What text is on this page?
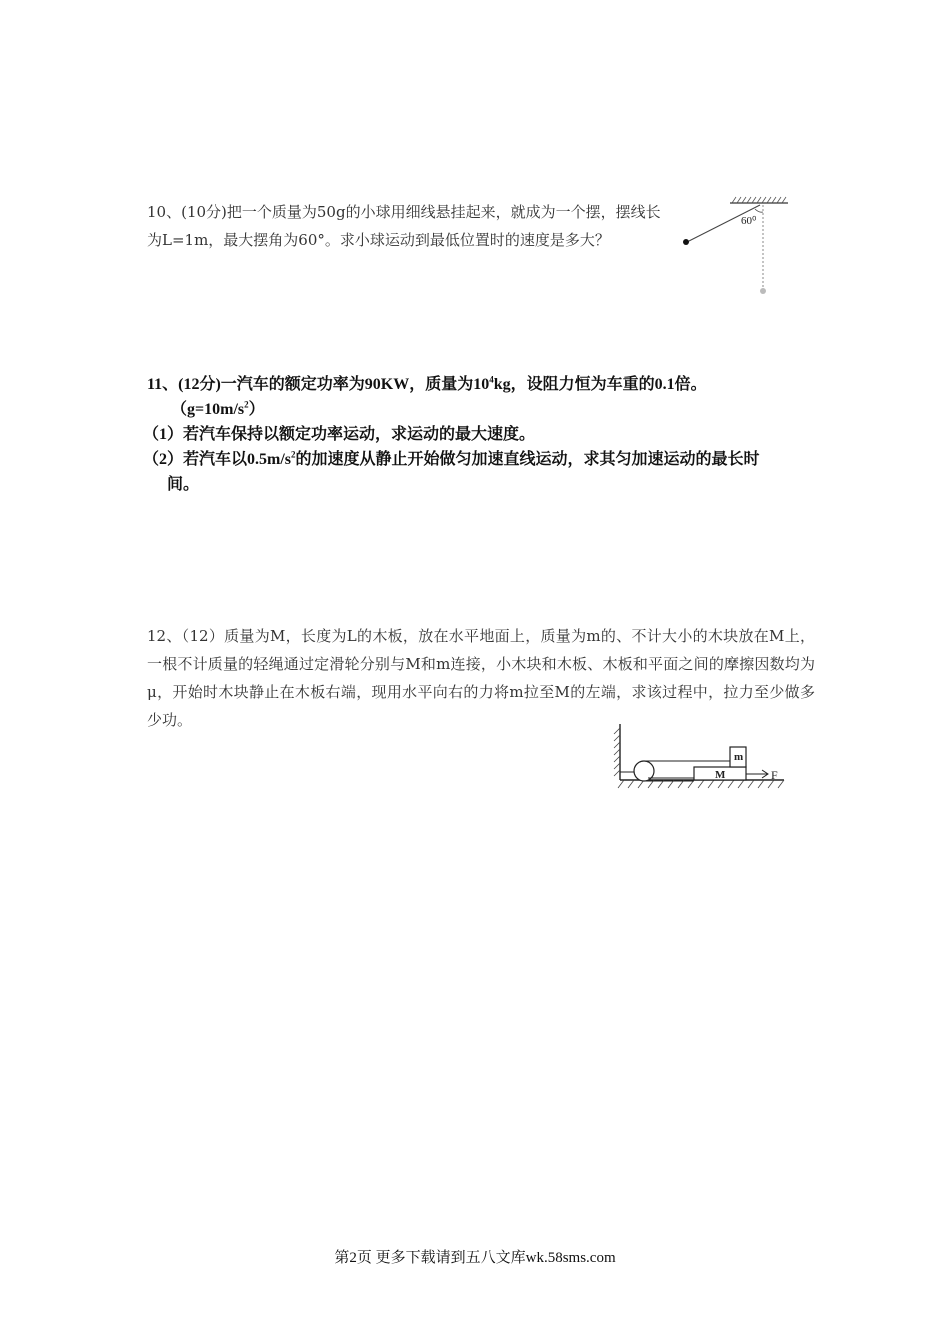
10、(10分)把一个质量为50g的小球用细线悬挂起来，就成为一个摆，摆线长为L=1m，最大摆角为60°。求小球运动到最低位置时的速度是多大？
60⁰
11、(12分)一汽车的额定功率为90KW，质量为$10^4kg$，设阻力恒为车重的0.1倍。
$(g=10m/s^2)$
（1）若汽车保持以额定功率运动，求运动的最大速度。
（2）若汽车以$0.5m/s^2$的加速度从静止开始做匀加速直线运动，求其匀加速运动的最长时
间。
12、（12）质量为M，长度为L的木板，放在水平地面上，质量为m的、不计大小的木块放在M上，一根不计质量的轻绳通过定滑轮分别与M和m连接，小木块和木板、木板和平面之间的摩擦因数均为μ，开始时木块静止在木板右端，现用水平向右的力将m拉至M的左端，求该过程中，拉力至少做多少功。
M
m
F
第2页 更多下载请到五八文库wk.58sms.com
